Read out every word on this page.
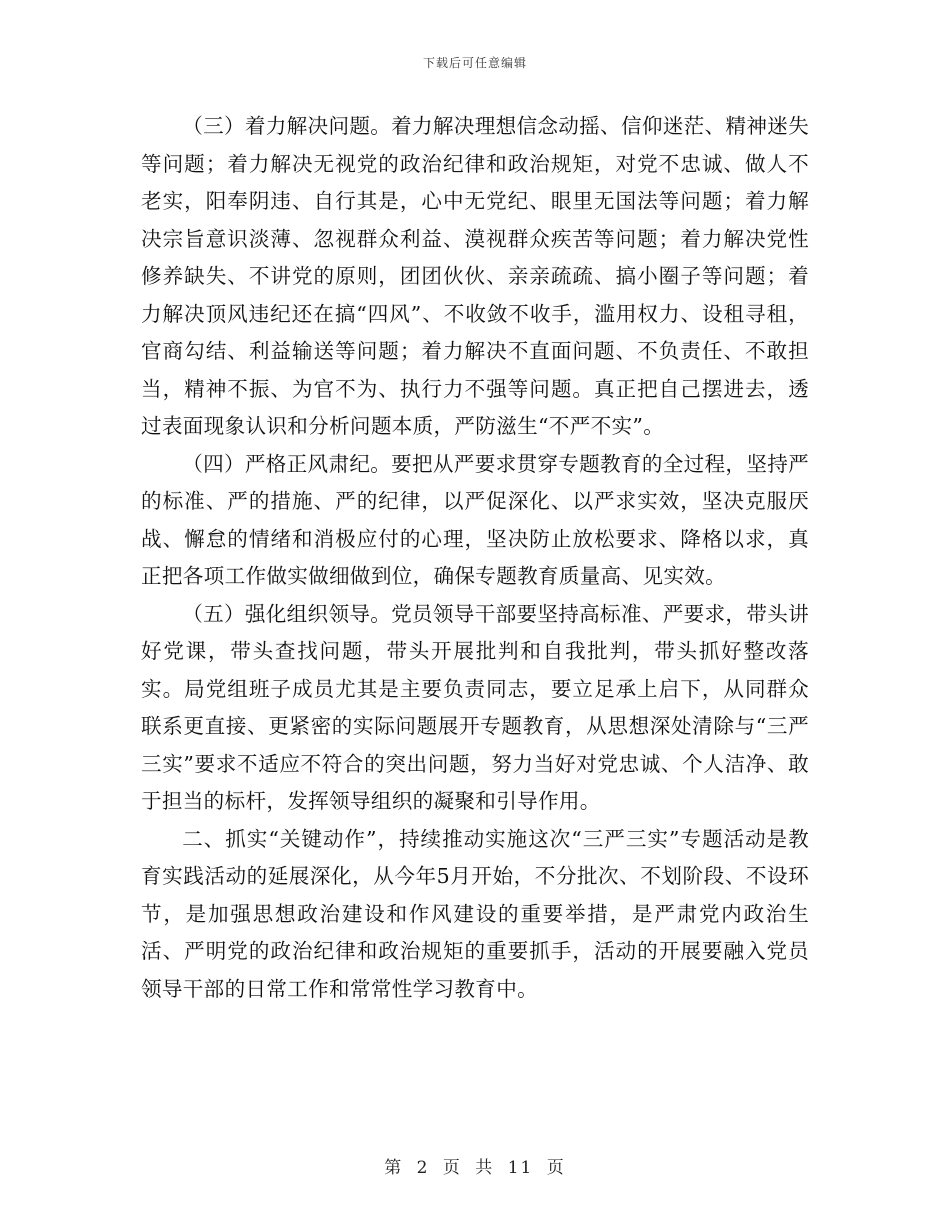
下载后可任意编辑

（三）着力解决问题。着力解决理想信念动摇、信仰迷茫、精神迷失等问题；着力解决无视党的政治纪律和政治规矩，对党不忠诚、做人不老实，阳奉阴违、自行其是，心中无党纪、眼里无国法等问题；着力解决宗旨意识淡薄、忽视群众利益、漠视群众疾苦等问题；着力解决党性修养缺失、不讲党的原则，团团伙伙、亲亲疏疏、搞小圈子等问题；着力解决顶风违纪还在搞“四风”、不收敛不收手，滥用权力、设租寻租，官商勾结、利益输送等问题；着力解决不直面问题、不负责任、不敢担当，精神不振、为官不为、执行力不强等问题。真正把自己摆进去，透过表面现象认识和分析问题本质，严防滋生“不严不实”。

（四）严格正风肃纪。要把从严要求贯穿专题教育的全过程，坚持严的标准、严的措施、严的纪律，以严促深化、以严求实效，坚决克服厌战、懈怠的情绪和消极应付的心理，坚决防止放松要求、降格以求，真正把各项工作做实做细做到位，确保专题教育质量高、见实效。

（五）强化组织领导。党员领导干部要坚持高标准、严要求，带头讲好党课，带头查找问题，带头开展批判和自我批判，带头抓好整改落实。局党组班子成员尤其是主要负责同志，要立足承上启下，从同群众联系更直接、更紧密的实际问题展开专题教育，从思想深处清除与“三严三实”要求不适应不符合的突出问题，努力当好对党忠诚、个人洁净、敢于担当的标杆，发挥领导组织的凝聚和引导作用。

二、抓实“关键动作”，持续推动实施这次“三严三实”专题活动是教育实践活动的延展深化，从今年5月开始，不分批次、不划阶段、不设环节，是加强思想政治建设和作风建设的重要举措，是严肃党内政治生活、严明党的政治纪律和政治规矩的重要抓手，活动的开展要融入党员领导干部的日常工作和常常性学习教育中。

第 2 页 共 11 页
